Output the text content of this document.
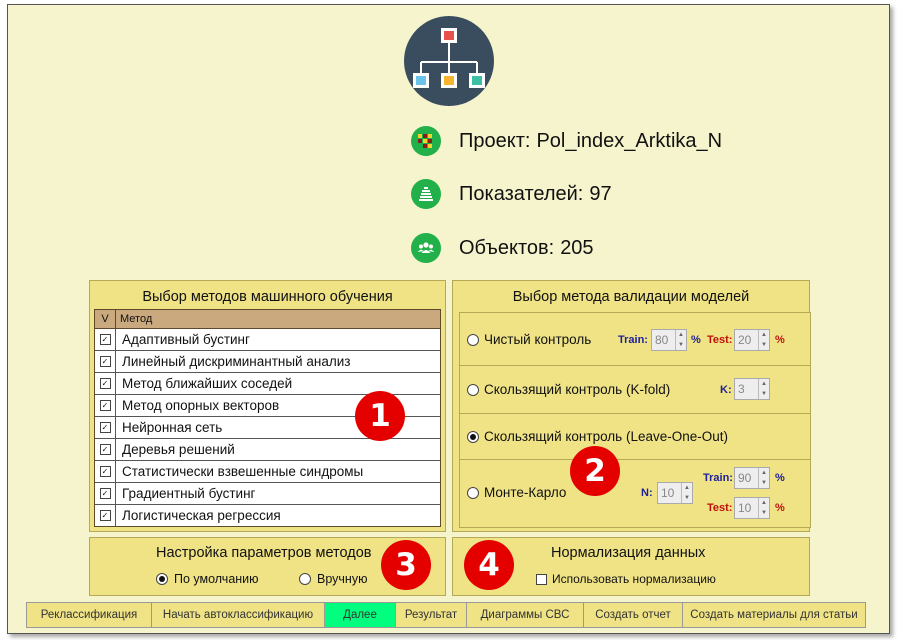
Проект: Pol_index_Arktika_N
Показателей: 97
Объектов: 205
Выбор методов машинного обучения
V	Метод
✓	Адаптивный бустинг
✓	Линейный дискриминантный анализ
✓	Метод ближайших соседей
✓	Метод опорных векторов
✓	Нейронная сеть
✓	Деревья решений
✓	Статистически взвешенные синдромы
✓	Градиентный бустинг
✓	Логистическая регрессия
Выбор метода валидации моделей
Чистый контроль Train: 80	▲
▼ % Test: 20	▲
▼ %
Скользящий контроль (K-fold)	K: 3	▲
▼
Скользящий контроль (Leave-One-Out)
Монте-Карло	N: 10	▲
▼
Train: 90	▲
▼ %
Test: 10	▲
▼ %
Настройка параметров методов
По умолчанию	Вручную
Нормализация данных
Использовать нормализацию
1
2
3	4
Реклассификация	Начать автоклассификацию	Далее	Результат	Диаграммы СВС	Создать отчет	Создать материалы для статьи
